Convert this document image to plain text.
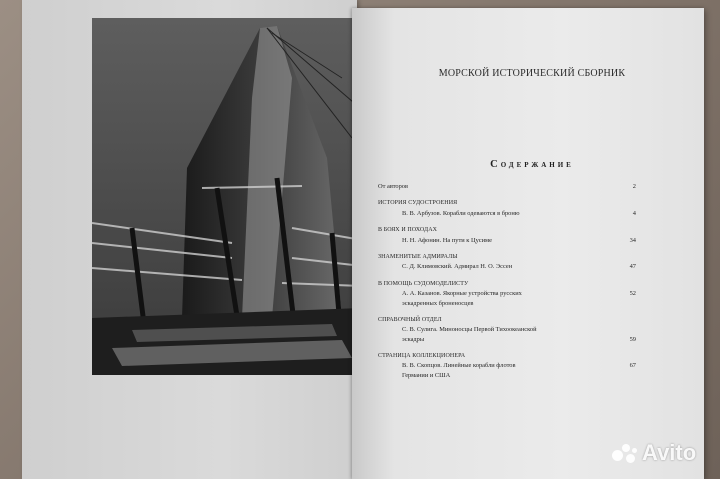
МОРСКОЙ ИСТОРИЧЕСКИЙ СБОРНИК
Содержание
От авторов	2
ИСТОРИЯ СУДОСТРОЕНИЯ
В. В. Арбузов. Корабли одеваются в броню	4
В БОЯХ И ПОХОДАХ
Н. Н. Афонин. На пути к Цусиме	34
ЗНАМЕНИТЫЕ АДМИРАЛЫ
С. Д. Климовский. Адмирал Н. О. Эссен	47
В ПОМОЩЬ СУДОМОДЕЛИСТУ
А. А. Казанов. Якорные устройства русских	52
эскадренных броненосцев
СПРАВОЧНЫЙ ОТДЕЛ
С. В. Сулига. Миноносцы Первой Тихоокеанской
эскадры	59
СТРАНИЦА КОЛЛЕКЦИОНЕРА
В. В. Скопцов. Линейные корабли флотов	67
Германии и США
Avito
